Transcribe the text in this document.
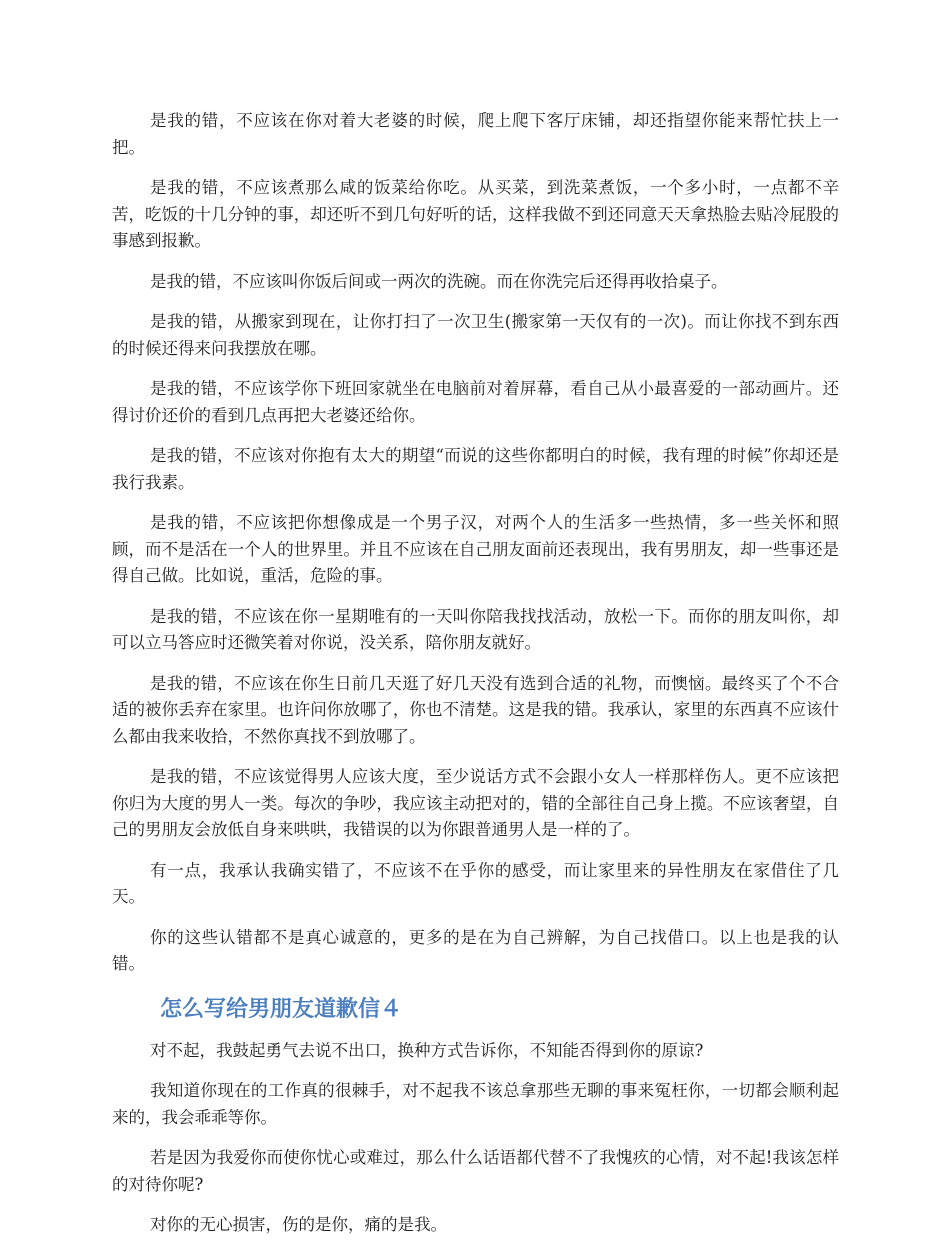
是我的错，不应该在你对着大老婆的时候，爬上爬下客厅床铺，却还指望你能来帮忙扶上一把。

是我的错，不应该煮那么咸的饭菜给你吃。从买菜，到洗菜煮饭，一个多小时，一点都不辛苦，吃饭的十几分钟的事，却还听不到几句好听的话，这样我做不到还同意天天拿热脸去贴冷屁股的事感到报歉。

是我的错，不应该叫你饭后间或一两次的洗碗。而在你洗完后还得再收拾桌子。

是我的错，从搬家到现在，让你打扫了一次卫生(搬家第一天仅有的一次)。而让你找不到东西的时候还得来问我摆放在哪。

是我的错，不应该学你下班回家就坐在电脑前对着屏幕，看自己从小最喜爱的一部动画片。还得讨价还价的看到几点再把大老婆还给你。

是我的错，不应该对你抱有太大的期望“而说的这些你都明白的时候，我有理的时候”你却还是我行我素。

是我的错，不应该把你想像成是一个男子汉，对两个人的生活多一些热情，多一些关怀和照顾，而不是活在一个人的世界里。并且不应该在自己朋友面前还表现出，我有男朋友，却一些事还是得自己做。比如说，重活，危险的事。

是我的错，不应该在你一星期唯有的一天叫你陪我找找活动，放松一下。而你的朋友叫你，却可以立马答应时还微笑着对你说，没关系，陪你朋友就好。

是我的错，不应该在你生日前几天逛了好几天没有选到合适的礼物，而懊恼。最终买了个不合适的被你丢弃在家里。也许问你放哪了，你也不清楚。这是我的错。我承认，家里的东西真不应该什么都由我来收拾，不然你真找不到放哪了。

是我的错，不应该觉得男人应该大度，至少说话方式不会跟小女人一样那样伤人。更不应该把你归为大度的男人一类。每次的争吵，我应该主动把对的，错的全部往自己身上揽。不应该奢望，自己的男朋友会放低自身来哄哄，我错误的以为你跟普通男人是一样的了。

有一点，我承认我确实错了，不应该不在乎你的感受，而让家里来的异性朋友在家借住了几天。

你的这些认错都不是真心诚意的，更多的是在为自己辨解，为自己找借口。以上也是我的认错。

怎么写给男朋友道歉信４

对不起，我鼓起勇气去说不出口，换种方式告诉你，不知能否得到你的原谅?

我知道你现在的工作真的很棘手，对不起我不该总拿那些无聊的事来冤枉你，一切都会顺利起来的，我会乖乖等你。

若是因为我爱你而使你忧心或难过，那么什么话语都代替不了我愧疚的心情，对不起!我该怎样的对待你呢?

对你的无心损害，伤的是你，痛的是我。
